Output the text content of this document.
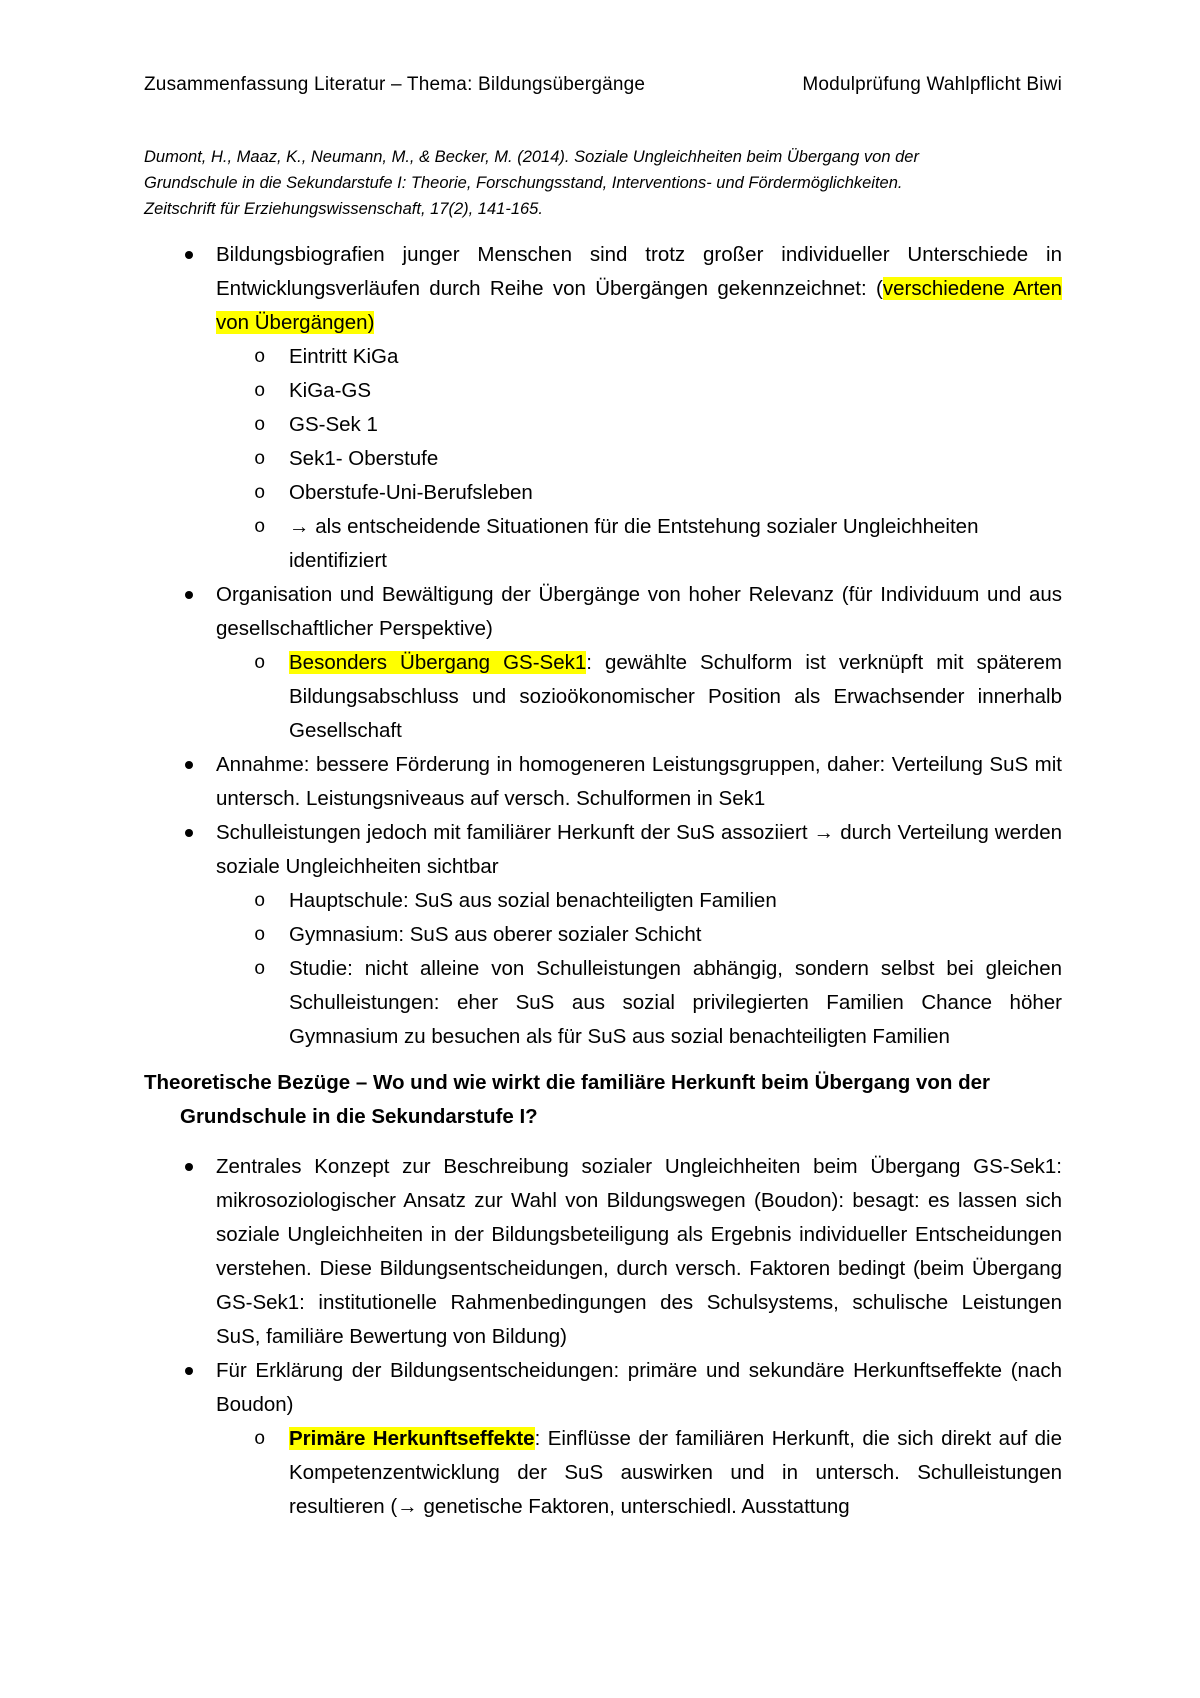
Zusammenfassung Literatur – Thema: Bildungsübergänge	Modulprüfung Wahlpflicht Biwi
Dumont, H., Maaz, K., Neumann, M., & Becker, M. (2014). Soziale Ungleichheiten beim Übergang von der
Grundschule in die Sekundarstufe I: Theorie, Forschungsstand, Interventions- und Fördermöglichkeiten.
Zeitschrift für Erziehungswissenschaft, 17(2), 141-165.
Bildungsbiografien junger Menschen sind trotz großer individueller Unterschiede in Entwicklungsverläufen durch Reihe von Übergängen gekennzeichnet: (verschiedene Arten von Übergängen)
o Eintritt KiGa
o KiGa-GS
o GS-Sek 1
o Sek1- Oberstufe
o Oberstufe-Uni-Berufsleben
o → als entscheidende Situationen für die Entstehung sozialer Ungleichheiten identifiziert
Organisation und Bewältigung der Übergänge von hoher Relevanz (für Individuum und aus gesellschaftlicher Perspektive)
o Besonders Übergang GS-Sek1: gewählte Schulform ist verknüpft mit späterem Bildungsabschluss und sozioökonomischer Position als Erwachsender innerhalb Gesellschaft
Annahme: bessere Förderung in homogeneren Leistungsgruppen, daher: Verteilung SuS mit untersch. Leistungsniveaus auf versch. Schulformen in Sek1
Schulleistungen jedoch mit familiärer Herkunft der SuS assoziiert → durch Verteilung werden soziale Ungleichheiten sichtbar
o Hauptschule: SuS aus sozial benachteiligten Familien
o Gymnasium: SuS aus oberer sozialer Schicht
o Studie: nicht alleine von Schulleistungen abhängig, sondern selbst bei gleichen Schulleistungen: eher SuS aus sozial privilegierten Familien Chance höher Gymnasium zu besuchen als für SuS aus sozial benachteiligten Familien
Theoretische Bezüge – Wo und wie wirkt die familiäre Herkunft beim Übergang von der Grundschule in die Sekundarstufe I?
Zentrales Konzept zur Beschreibung sozialer Ungleichheiten beim Übergang GS-Sek1: mikrosoziologischer Ansatz zur Wahl von Bildungswegen (Boudon): besagt: es lassen sich soziale Ungleichheiten in der Bildungsbeteiligung als Ergebnis individueller Entscheidungen verstehen. Diese Bildungsentscheidungen, durch versch. Faktoren bedingt (beim Übergang GS-Sek1: institutionelle Rahmenbedingungen des Schulsystems, schulische Leistungen SuS, familiäre Bewertung von Bildung)
Für Erklärung der Bildungsentscheidungen: primäre und sekundäre Herkunftseffekte (nach Boudon)
o Primäre Herkunftseffekte: Einflüsse der familiären Herkunft, die sich direkt auf die Kompetenzentwicklung der SuS auswirken und in untersch. Schulleistungen resultieren (→ genetische Faktoren, unterschiedl. Ausstattung
